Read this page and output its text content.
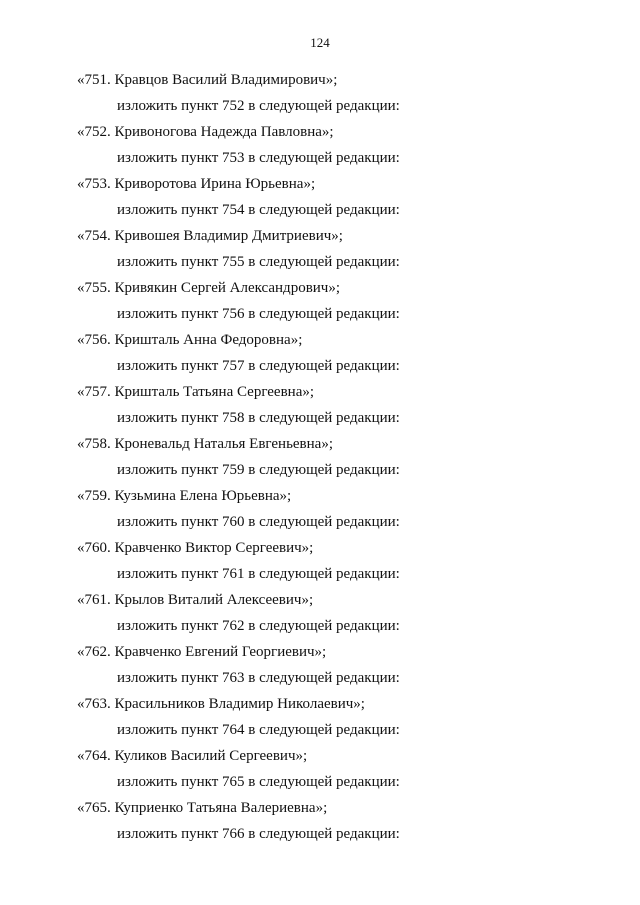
124
«751. Кравцов Василий Владимирович»;
изложить пункт 752 в следующей редакции:
«752. Кривоногова Надежда Павловна»;
изложить пункт 753 в следующей редакции:
«753. Криворотова Ирина Юрьевна»;
изложить пункт 754 в следующей редакции:
«754. Кривошея Владимир Дмитриевич»;
изложить пункт 755 в следующей редакции:
«755. Кривякин Сергей Александрович»;
изложить пункт 756 в следующей редакции:
«756. Кришталь Анна Федоровна»;
изложить пункт 757 в следующей редакции:
«757. Кришталь Татьяна Сергеевна»;
изложить пункт 758 в следующей редакции:
«758. Кроневальд Наталья Евгеньевна»;
изложить пункт 759 в следующей редакции:
«759. Кузьмина Елена Юрьевна»;
изложить пункт 760 в следующей редакции:
«760. Кравченко Виктор Сергеевич»;
изложить пункт 761 в следующей редакции:
«761. Крылов Виталий Алексеевич»;
изложить пункт 762 в следующей редакции:
«762. Кравченко Евгений Георгиевич»;
изложить пункт 763 в следующей редакции:
«763. Красильников Владимир Николаевич»;
изложить пункт 764 в следующей редакции:
«764. Куликов Василий Сергеевич»;
изложить пункт 765 в следующей редакции:
«765. Куприенко Татьяна Валериевна»;
изложить пункт 766 в следующей редакции:
